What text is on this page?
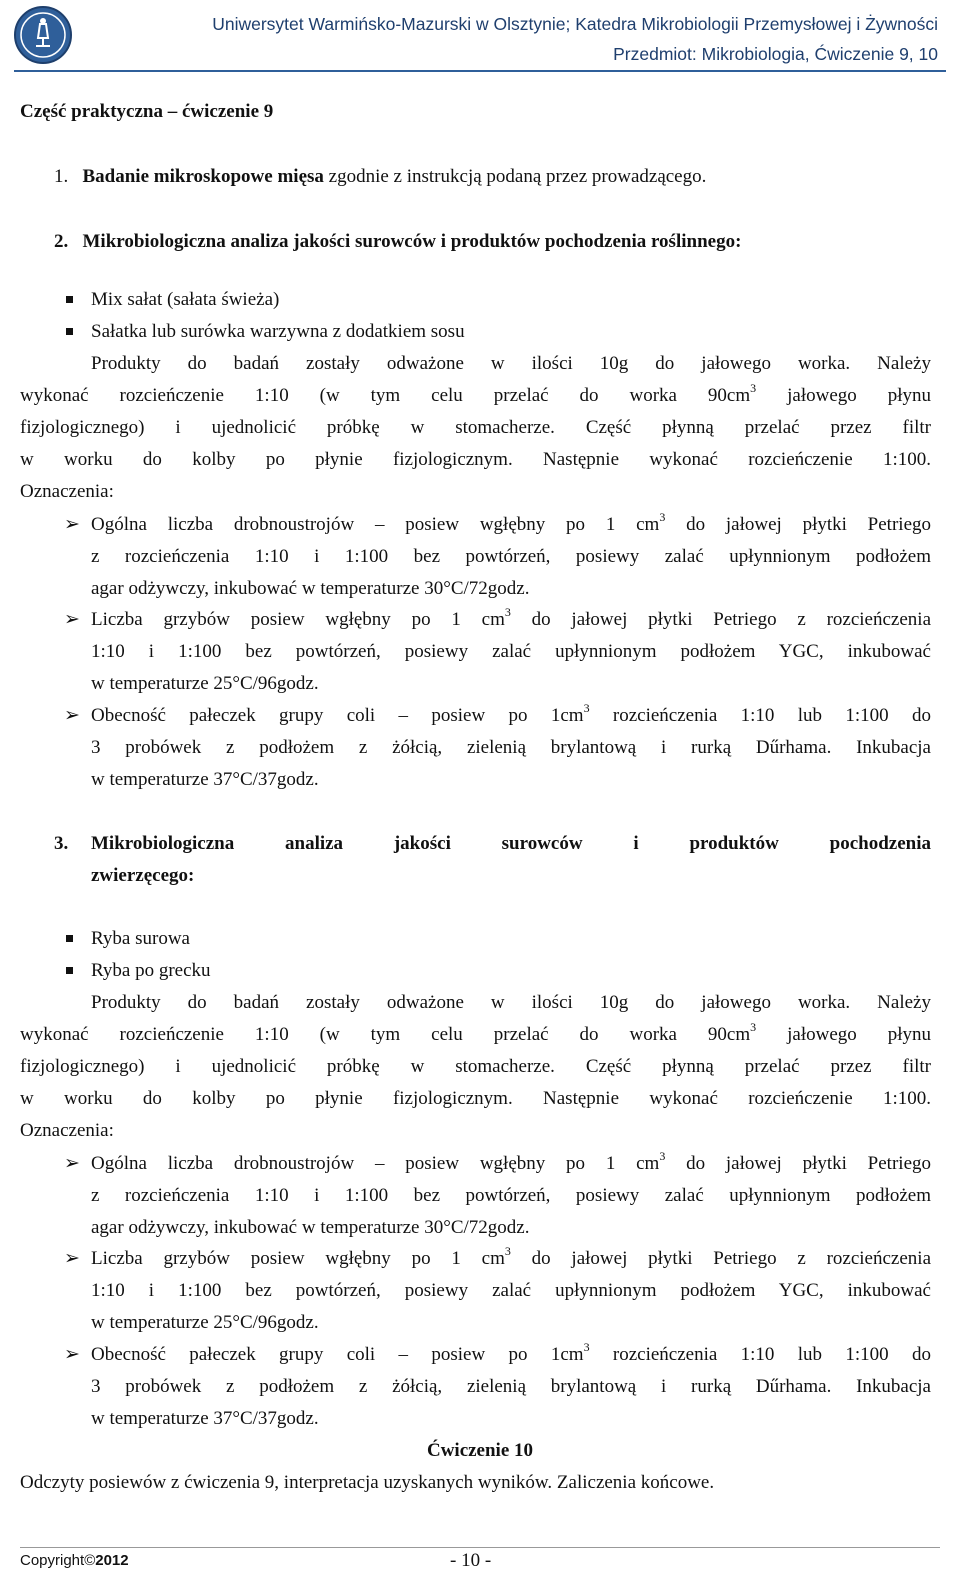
Uniwersytet Warmińsko-Mazurski w Olsztynie; Katedra Mikrobiologii Przemysłowej i Żywności
Przedmiot: Mikrobiologia, Ćwiczenie 9, 10
Część praktyczna – ćwiczenie 9
1. Badanie mikroskopowe mięsa zgodnie z instrukcją podaną przez prowadzącego.
2. Mikrobiologiczna analiza jakości surowców i produktów pochodzenia roślinnego:
Mix sałat (sałata świeża)
Sałatka lub surówka warzywna z dodatkiem sosu
Produkty do badań zostały odważone w ilości 10g do jałowego worka. Należy
wykonać rozcieńczenie 1:10 (w tym celu przelać do worka $90cm^3$ jałowego płynu
fizjologicznego) i ujednolicić próbkę w stomacherze. Część płynną przelać przez filtr
w worku do kolby po płynie fizjologicznym. Następnie wykonać rozcieńczenie 1:100.
Oznaczenia:
➢ Ogólna liczba drobnoustrojów – posiew wgłębny po 1 $cm^3$ do jałowej płytki Petriego
z rozcieńczenia 1:10 i 1:100 bez powtórzeń, posiewy zalać upłynnionym podłożem
agar odżywczy, inkubować w temperaturze 30°C/72godz.
➢ Liczba grzybów posiew wgłębny po 1 $cm^3$ do jałowej płytki Petriego z rozcieńczenia
1:10 i 1:100 bez powtórzeń, posiewy zalać upłynnionym podłożem YGC, inkubować
w temperaturze 25°C/96godz.
➢ Obecność pałeczek grupy coli – posiew po $1cm^3$ rozcieńczenia 1:10 lub 1:100 do
3 probówek z podłożem z żółcią, zielenią brylantową i rurką Dűrhama. Inkubacja
w temperaturze 37°C/37godz.
3. Mikrobiologiczna analiza jakości surowców i produktów pochodzenia
zwierzęcego:
Ryba surowa
Ryba po grecku
Produkty do badań zostały odważone w ilości 10g do jałowego worka. Należy
wykonać rozcieńczenie 1:10 (w tym celu przelać do worka $90cm^3$ jałowego płynu
fizjologicznego) i ujednolicić próbkę w stomacherze. Część płynną przelać przez filtr
w worku do kolby po płynie fizjologicznym. Następnie wykonać rozcieńczenie 1:100.
Oznaczenia:
➢ Ogólna liczba drobnoustrojów – posiew wgłębny po 1 $cm^3$ do jałowej płytki Petriego
z rozcieńczenia 1:10 i 1:100 bez powtórzeń, posiewy zalać upłynnionym podłożem
agar odżywczy, inkubować w temperaturze 30°C/72godz.
➢ Liczba grzybów posiew wgłębny po 1 $cm^3$ do jałowej płytki Petriego z rozcieńczenia
1:10 i 1:100 bez powtórzeń, posiewy zalać upłynnionym podłożem YGC, inkubować
w temperaturze 25°C/96godz.
➢ Obecność pałeczek grupy coli – posiew po $1cm^3$ rozcieńczenia 1:10 lub 1:100 do
3 probówek z podłożem z żółcią, zielenią brylantową i rurką Dűrhama. Inkubacja
w temperaturze 37°C/37godz.
Ćwiczenie 10
Odczyty posiewów z ćwiczenia 9, interpretacja uzyskanych wyników. Zaliczenia końcowe.
Copyright©2012	- 10 -
